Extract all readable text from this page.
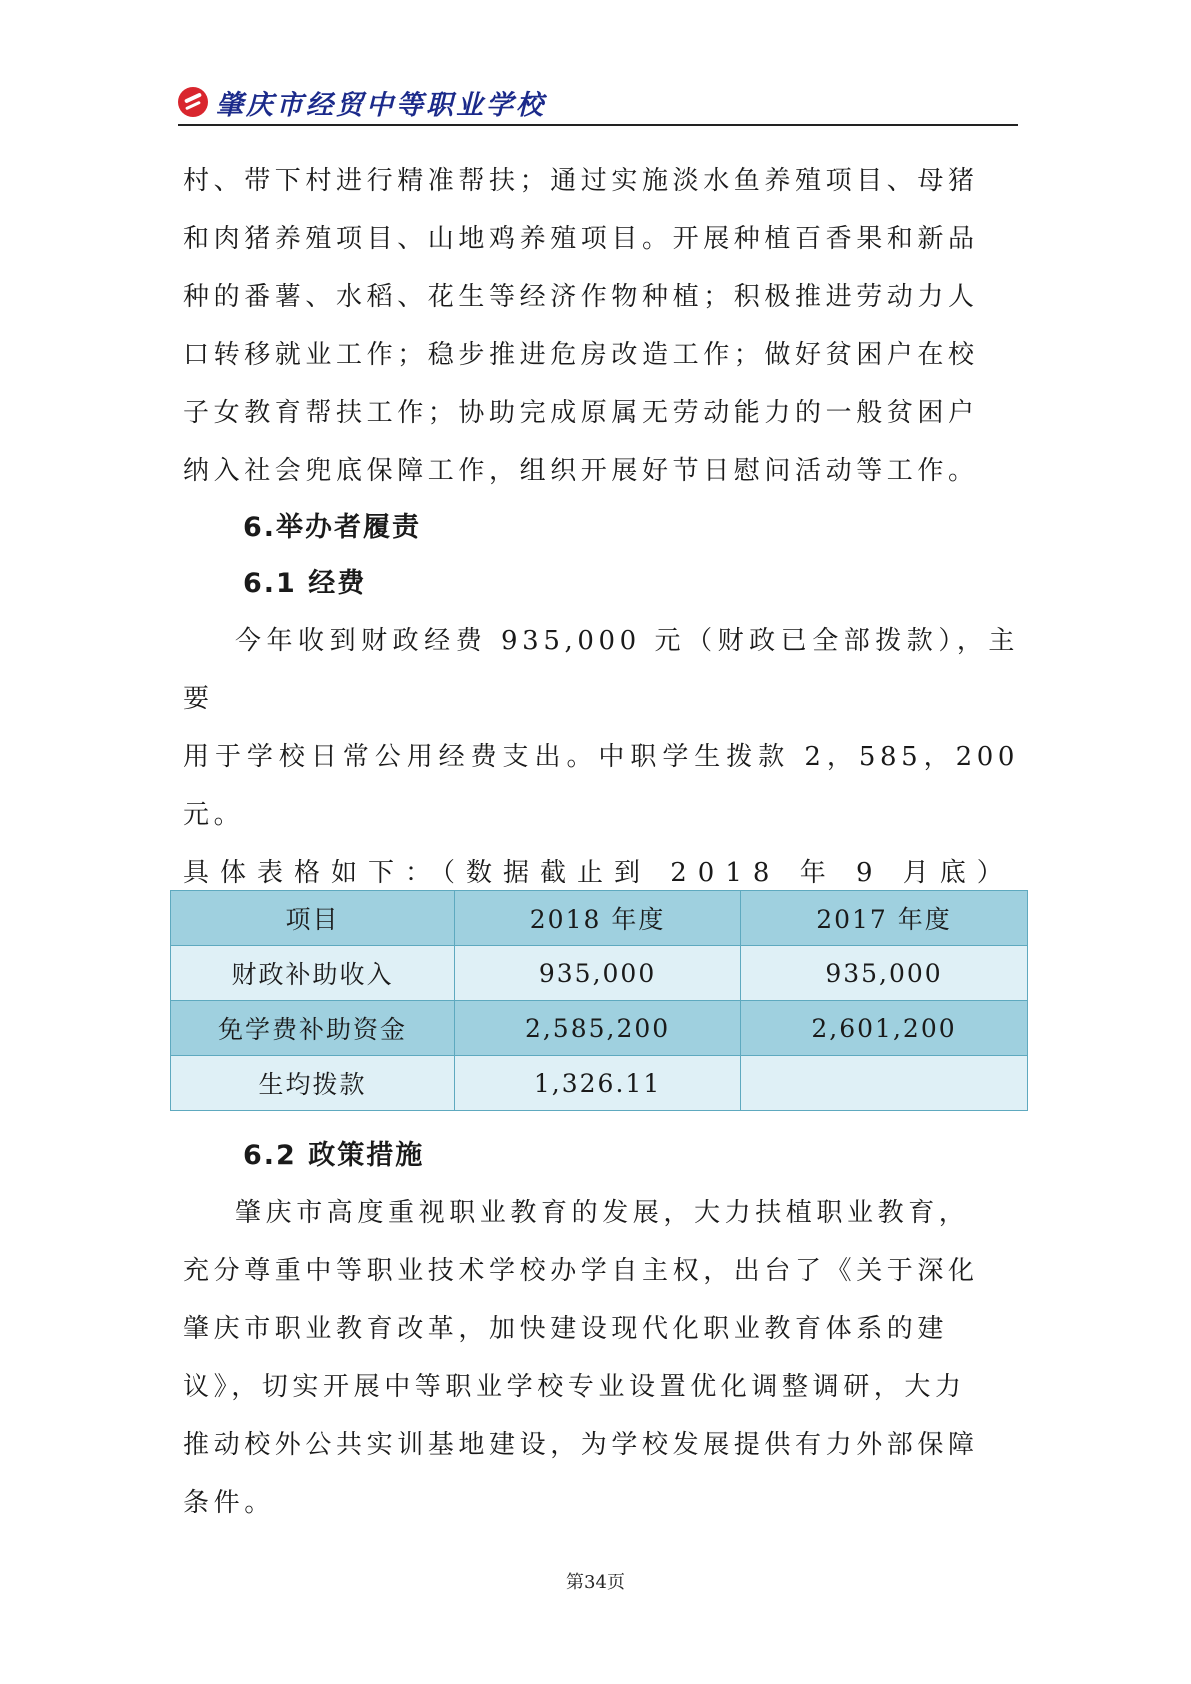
肇庆市经贸中等职业学校

村、带下村进行精准帮扶；通过实施淡水鱼养殖项目、母猪

和肉猪养殖项目、山地鸡养殖项目。开展种植百香果和新品

种的番薯、水稻、花生等经济作物种植；积极推进劳动力人

口转移就业工作；稳步推进危房改造工作；做好贫困户在校

子女教育帮扶工作；协助完成原属无劳动能力的一般贫困户

纳入社会兜底保障工作，组织开展好节日慰问活动等工作。

6.举办者履责
6.1 经费

今年收到财政经费 935,000 元（财政已全部拨款），主要

用于学校日常公用经费支出。中职学生拨款 2，585，200 元。

具体表格如下：（数据截止到 2018 年 9 月底）

项目	2018 年度	2017 年度
财政补助收入	935,000	935,000
免学费补助资金	2,585,200	2,601,200
生均拨款	1,326.11	
6.2 政策措施

肇庆市高度重视职业教育的发展，大力扶植职业教育，

充分尊重中等职业技术学校办学自主权，出台了《关于深化

肇庆市职业教育改革，加快建设现代化职业教育体系的建

议》，切实开展中等职业学校专业设置优化调整调研，大力

推动校外公共实训基地建设，为学校发展提供有力外部保障

条件。

第34页
